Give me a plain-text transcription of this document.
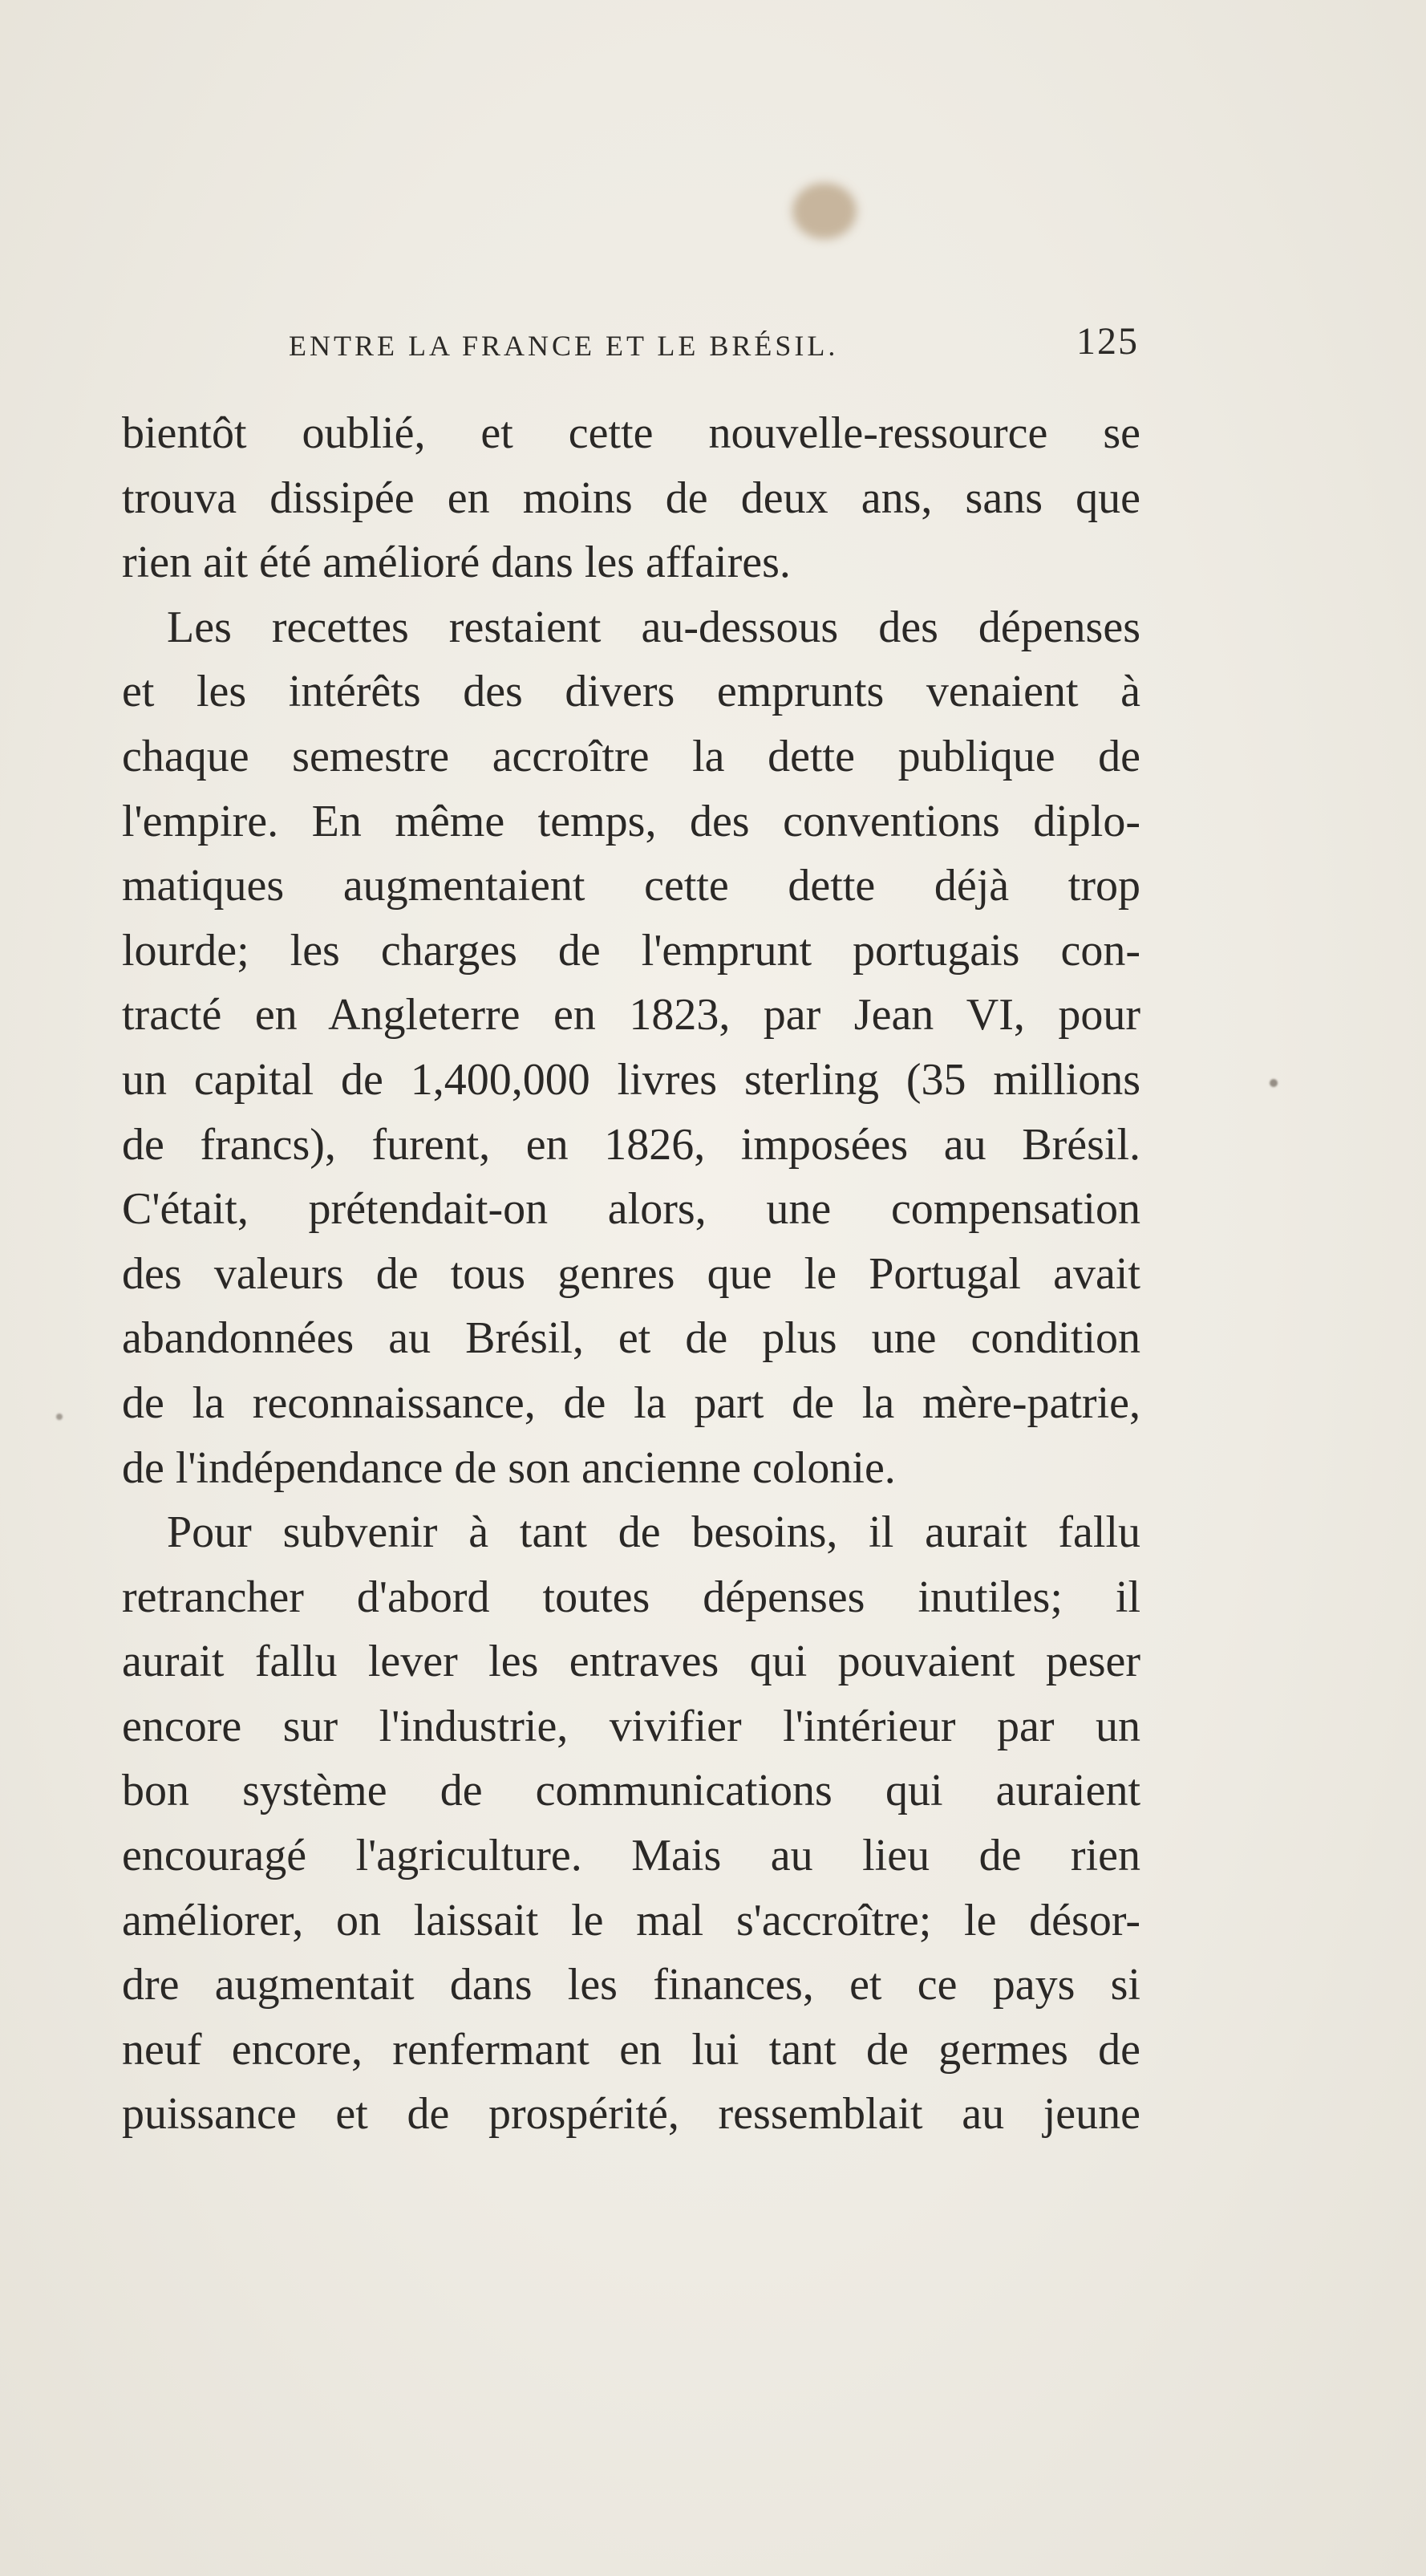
ENTRE LA FRANCE ET LE BRÉSIL.	125
bientôt oublié, et cette nouvelle-ressource se
trouva dissipée en moins de deux ans, sans que
rien ait été amélioré dans les affaires.
Les recettes restaient au-dessous des dépenses
et les intérêts des divers emprunts venaient à
chaque semestre accroître la dette publique de
l'empire. En même temps, des conventions diplo-
matiques augmentaient cette dette déjà trop
lourde; les charges de l'emprunt portugais con-
tracté en Angleterre en 1823, par Jean VI, pour
un capital de 1,400,000 livres sterling (35 millions
de francs), furent, en 1826, imposées au Brésil.
C'était, prétendait-on alors, une compensation
des valeurs de tous genres que le Portugal avait
abandonnées au Brésil, et de plus une condition
de la reconnaissance, de la part de la mère-patrie,
de l'indépendance de son ancienne colonie.
Pour subvenir à tant de besoins, il aurait fallu
retrancher d'abord toutes dépenses inutiles; il
aurait fallu lever les entraves qui pouvaient peser
encore sur l'industrie, vivifier l'intérieur par un
bon système de communications qui auraient
encouragé l'agriculture. Mais au lieu de rien
améliorer, on laissait le mal s'accroître; le désor-
dre augmentait dans les finances, et ce pays si
neuf encore, renfermant en lui tant de germes de
puissance et de prospérité, ressemblait au jeune
